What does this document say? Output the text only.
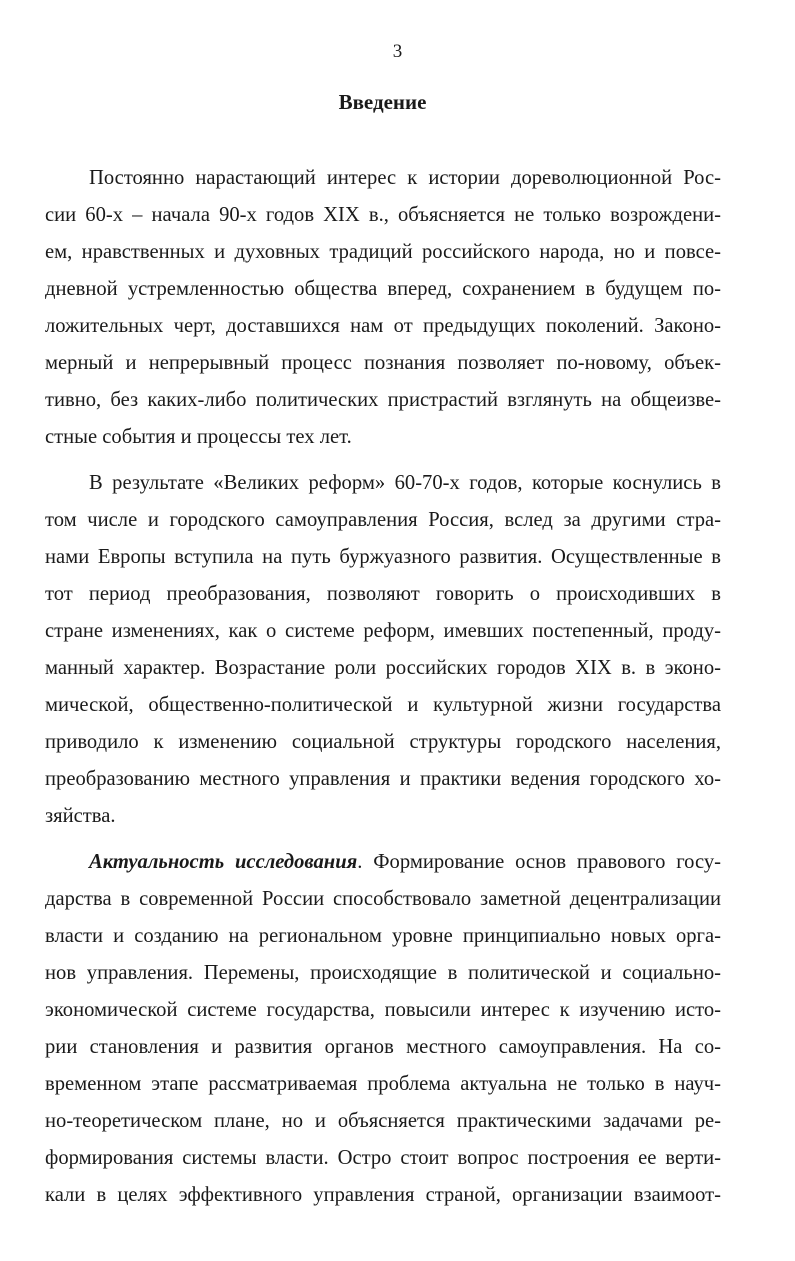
3
Введение
Постоянно нарастающий интерес к истории дореволюционной Рос-
сии 60-х – начала 90-х годов XIX в., объясняется не только возрождени-
ем, нравственных и духовных традиций российского народа, но и повсе-
дневной устремленностью общества вперед, сохранением в будущем по-
ложительных черт, доставшихся нам от предыдущих поколений. Законо-
мерный и непрерывный процесс познания позволяет по-новому, объек-
тивно, без каких-либо политических пристрастий взглянуть на общеизве-
стные события и процессы тех лет.
В результате «Великих реформ» 60-70-х годов, которые коснулись в
том числе и городского самоуправления Россия, вслед за другими стра-
нами Европы вступила на путь буржуазного развития. Осуществленные в
тот период преобразования, позволяют говорить о происходивших в
стране изменениях, как о системе реформ, имевших постепенный, проду-
манный характер. Возрастание роли российских городов XIX в. в эконо-
мической, общественно-политической и культурной жизни государства
приводило к изменению социальной структуры городского населения,
преобразованию местного управления и практики ведения городского хо-
зяйства.
Актуальность исследования. Формирование основ правового госу-
дарства в современной России способствовало заметной децентрализации
власти и созданию на региональном уровне принципиально новых орга-
нов управления. Перемены, происходящие в политической и социально-
экономической системе государства, повысили интерес к изучению исто-
рии становления и развития органов местного самоуправления. На со-
временном этапе рассматриваемая проблема актуальна не только в науч-
но-теоретическом плане, но и объясняется практическими задачами ре-
формирования системы власти. Остро стоит вопрос построения ее верти-
кали в целях эффективного управления страной, организации взаимоот-
